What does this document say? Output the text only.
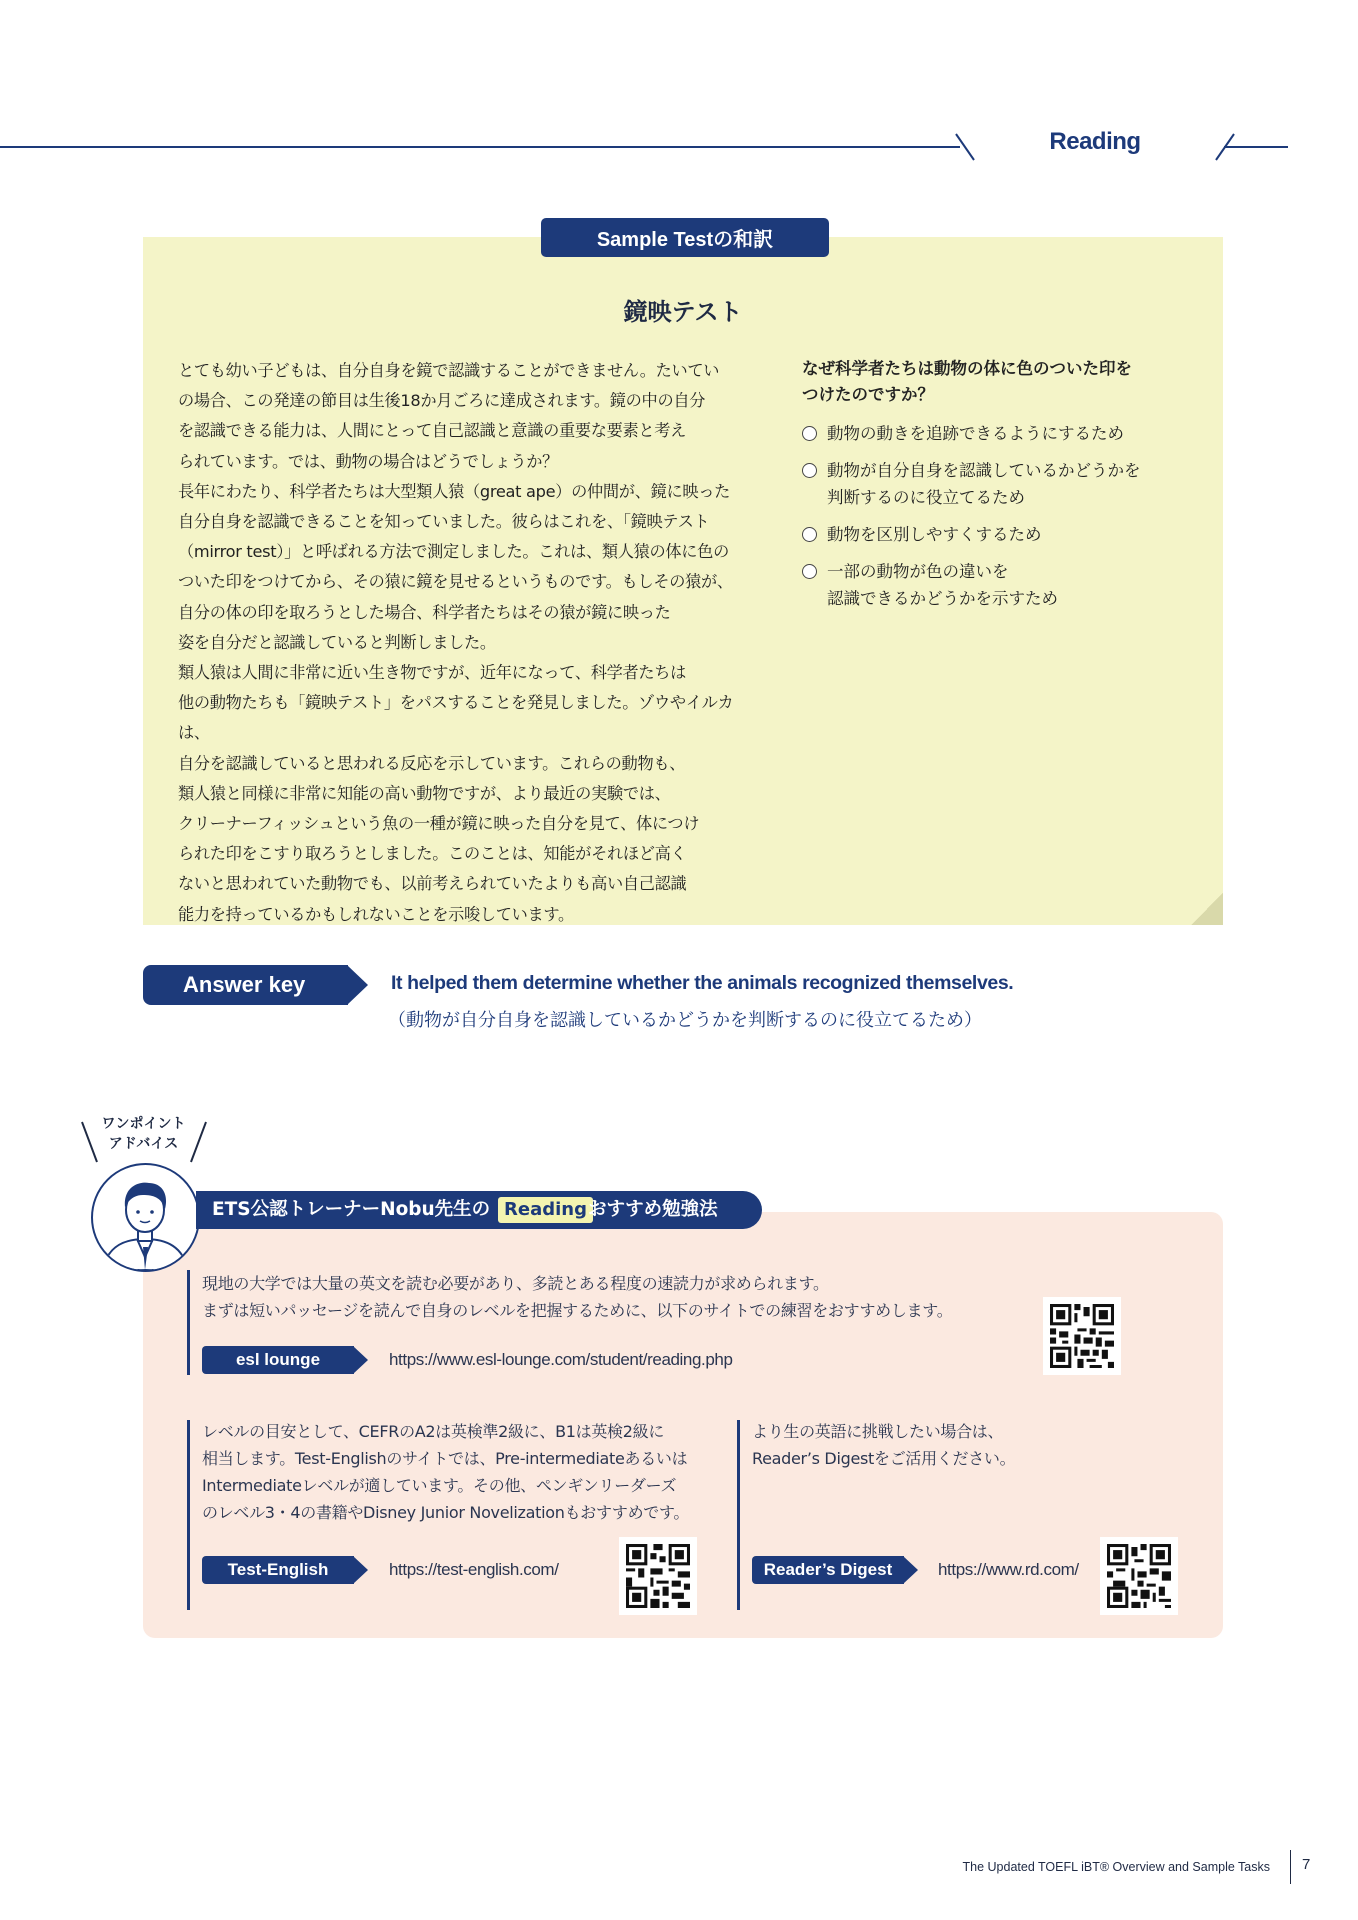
Reading
Sample Testの和訳
鏡映テスト

とても幼い子どもは、自分自身を鏡で認識することができません。たいてい

の場合、この発達の節目は生後18か月ごろに達成されます。鏡の中の自分

を認識できる能力は、人間にとって自己認識と意識の重要な要素と考え

られています。では、動物の場合はどうでしょうか？

長年にわたり、科学者たちは大型類人猿（great ape）の仲間が、鏡に映った

自分自身を認識できることを知っていました。彼らはこれを、「鏡映テスト

（mirror test）」と呼ばれる方法で測定しました。これは、類人猿の体に色の

ついた印をつけてから、その猿に鏡を見せるというものです。もしその猿が、

自分の体の印を取ろうとした場合、科学者たちはその猿が鏡に映った

姿を自分だと認識していると判断しました。

類人猿は人間に非常に近い生き物ですが、近年になって、科学者たちは

他の動物たちも「鏡映テスト」をパスすることを発見しました。ゾウやイルカは、

自分を認識していると思われる反応を示しています。これらの動物も、

類人猿と同様に非常に知能の高い動物ですが、より最近の実験では、

クリーナーフィッシュという魚の一種が鏡に映った自分を見て、体につけ

られた印をこすり取ろうとしました。このことは、知能がそれほど高く

ないと思われていた動物でも、以前考えられていたよりも高い自己認識

能力を持っているかもしれないことを示唆しています。

なぜ科学者たちは動物の体に色のついた印を
つけたのですか？
動物の動きを追跡できるようにするため
動物が自分自身を認識しているかどうかを
判断するのに役立てるため
動物を区別しやすくするため
一部の動物が色の違いを
認識できるかどうかを示すため
Answer key	It helped them determine whether the animals recognized themselves.
（動物が自分自身を認識しているかどうかを判断するのに役立てるため）
ワンポイント
アドバイス
ETS公認トレーナーNobu先生の Reading おすすめ勉強法
現地の大学では大量の英文を読む必要があり、多読とある程度の速読力が求められます。
まずは短いパッセージを読んで自身のレベルを把握するために、以下のサイトでの練習をおすすめします。
esl lounge	https://www.esl-lounge.com/student/reading.php
レベルの目安として、CEFRのA2は英検準2級に、B1は英検2級に
相当します。Test-Englishのサイトでは、Pre-intermediateあるいは
Intermediateレベルが適しています。その他、ペンギンリーダーズ
のレベル3・4の書籍やDisney Junior Novelizationもおすすめです。
Test-English	https://test-english.com/
より生の英語に挑戦したい場合は、
Reader’s Digestをご活用ください。
Reader’s Digest	https://www.rd.com/
The Updated TOEFL iBT® Overview and Sample Tasks 7
